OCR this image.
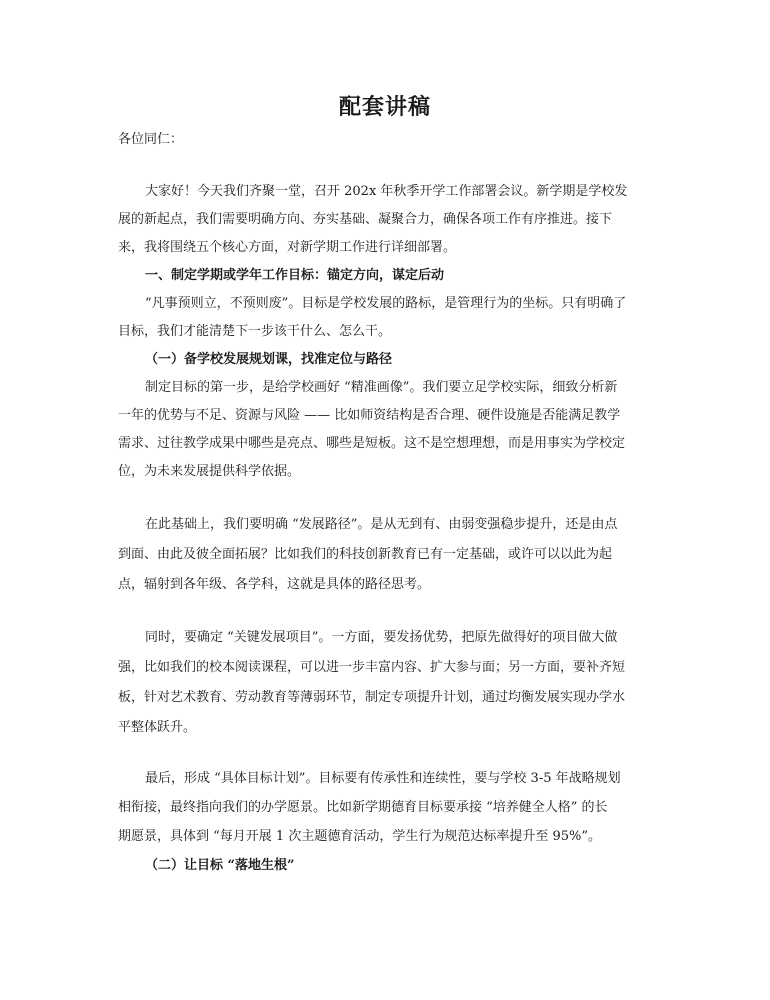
配套讲稿

各位同仁：

大家好！今天我们齐聚一堂，召开 202x 年秋季开学工作部署会议。新学期是学校发

展的新起点，我们需要明确方向、夯实基础、凝聚合力，确保各项工作有序推进。接下

来，我将围绕五个核心方面，对新学期工作进行详细部署。

一、制定学期或学年工作目标：锚定方向，谋定后动

“凡事预则立，不预则废”。目标是学校发展的路标，是管理行为的坐标。只有明确了

目标，我们才能清楚下一步该干什么、怎么干。

（一）备学校发展规划课，找准定位与路径

制定目标的第一步，是给学校画好 “精准画像”。我们要立足学校实际，细致分析新

一年的优势与不足、资源与风险 —— 比如师资结构是否合理、硬件设施是否能满足教学

需求、过往教学成果中哪些是亮点、哪些是短板。这不是空想理想，而是用事实为学校定

位，为未来发展提供科学依据。

在此基础上，我们要明确 “发展路径”。是从无到有、由弱变强稳步提升，还是由点

到面、由此及彼全面拓展？比如我们的科技创新教育已有一定基础，或许可以以此为起

点，辐射到各年级、各学科，这就是具体的路径思考。

同时，要确定 “关键发展项目”。一方面，要发扬优势，把原先做得好的项目做大做

强，比如我们的校本阅读课程，可以进一步丰富内容、扩大参与面；另一方面，要补齐短

板，针对艺术教育、劳动教育等薄弱环节，制定专项提升计划，通过均衡发展实现办学水

平整体跃升。

最后，形成 “具体目标计划”。目标要有传承性和连续性，要与学校 3-5 年战略规划

相衔接，最终指向我们的办学愿景。比如新学期德育目标要承接 “培养健全人格” 的长

期愿景，具体到 “每月开展 1 次主题德育活动，学生行为规范达标率提升至 95%”。

（二）让目标 “落地生根”
